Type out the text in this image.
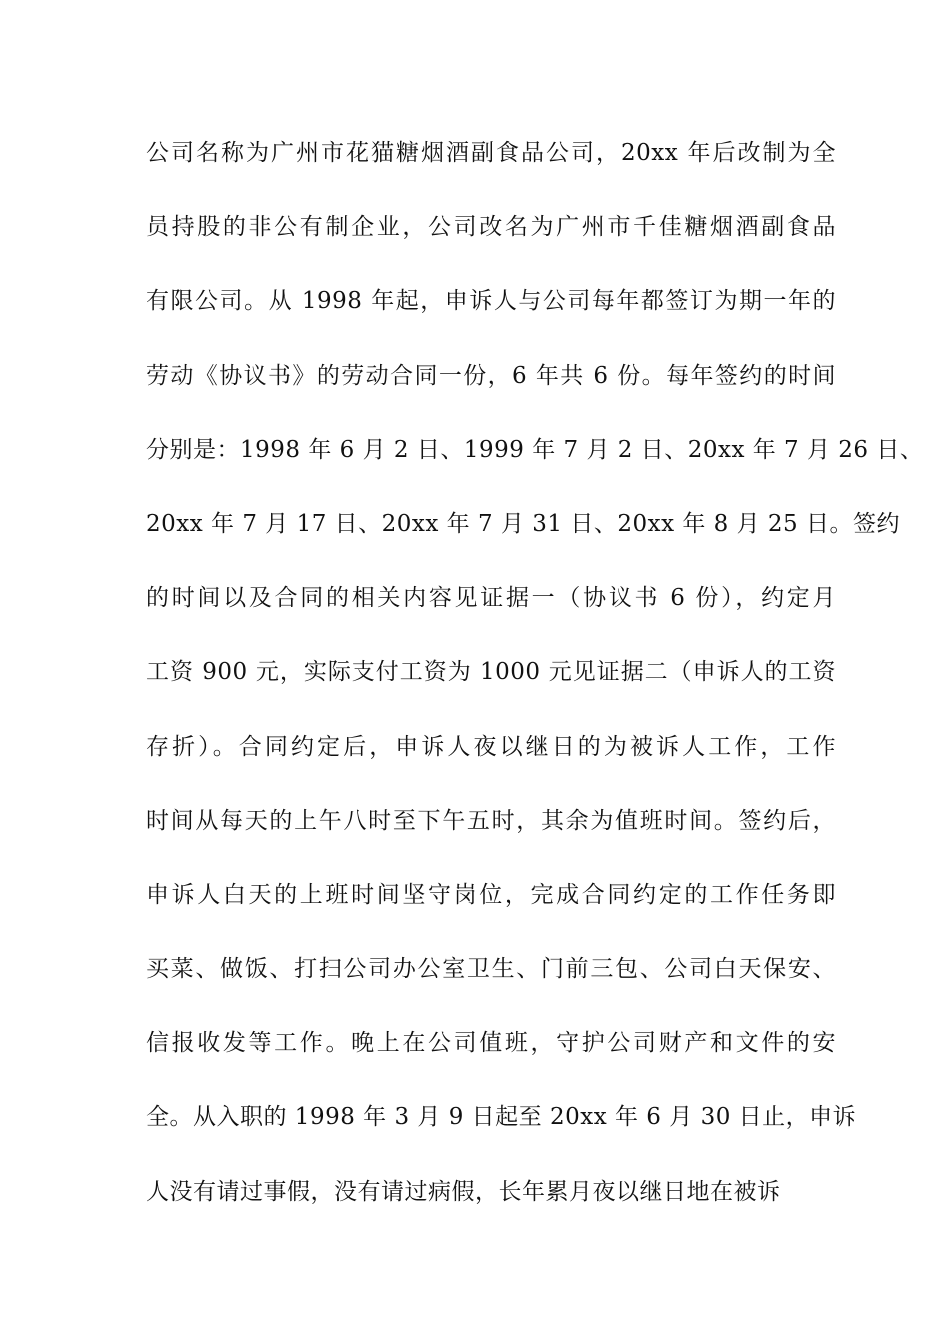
公司名称为广州市花猫糖烟酒副食品公司，20xx 年后改制为全
员持股的非公有制企业，公司改名为广州市千佳糖烟酒副食品
有限公司。从 1998 年起，申诉人与公司每年都签订为期一年的
劳动《协议书》的劳动合同一份，6 年共 6 份。每年签约的时间
分别是：1998 年 6 月 2 日、1999 年 7 月 2 日、20xx 年 7 月 26 日、
20xx 年 7 月 17 日、20xx 年 7 月 31 日、20xx 年 8 月 25 日。签约
的时间以及合同的相关内容见证据一（协议书 6 份），约定月
工资 900 元，实际支付工资为 1000 元见证据二（申诉人的工资
存折）。合同约定后，申诉人夜以继日的为被诉人工作，工作
时间从每天的上午八时至下午五时，其余为值班时间。签约后，
申诉人白天的上班时间坚守岗位，完成合同约定的工作任务即
买菜、做饭、打扫公司办公室卫生、门前三包、公司白天保安、
信报收发等工作。晚上在公司值班，守护公司财产和文件的安
全。从入职的 1998 年 3 月 9 日起至 20xx 年 6 月 30 日止，申诉
人没有请过事假，没有请过病假，长年累月夜以继日地在被诉
